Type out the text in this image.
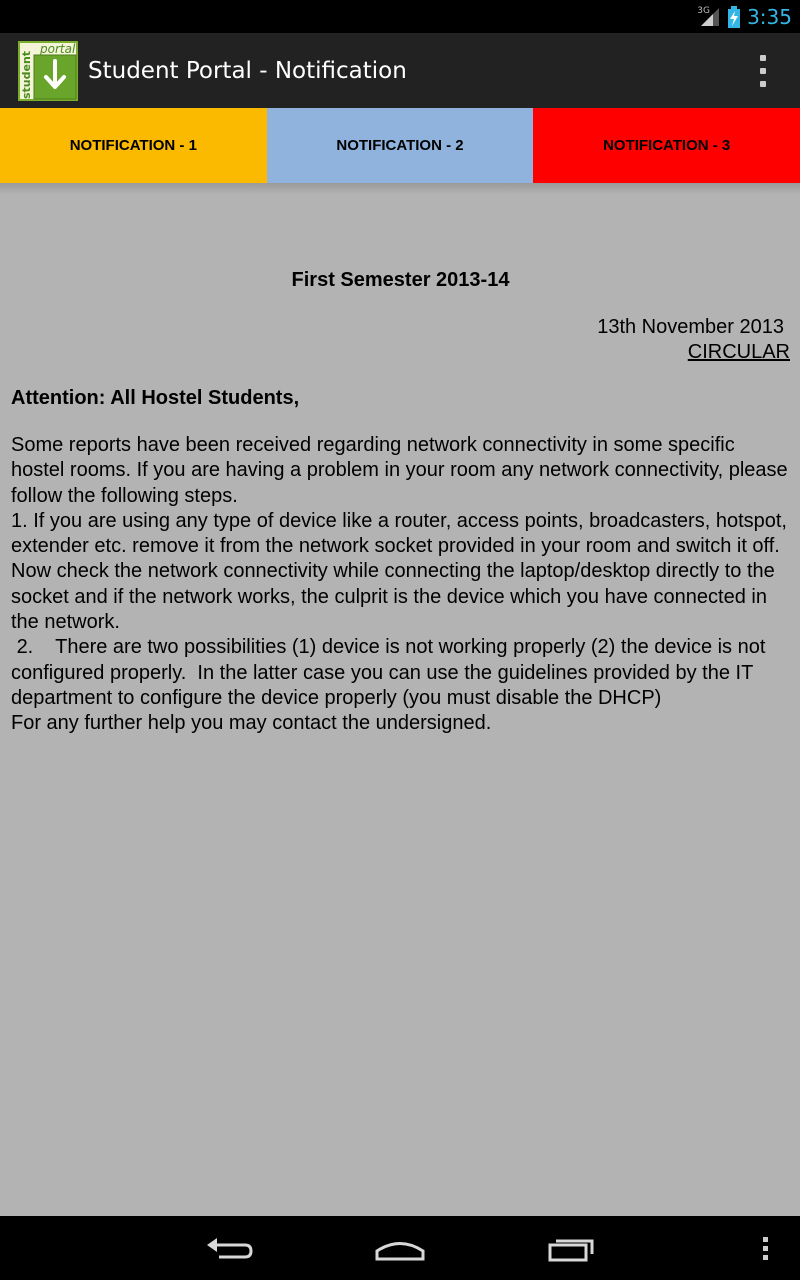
3G 3:35
portal
student Student Portal - Notification
NOTIFICATION - 1	NOTIFICATION - 2	NOTIFICATION - 3
First Semester 2013-14
13th November 2013
CIRCULAR
Attention: All Hostel Students,

Some reports have been received regarding network connectivity in some specific hostel rooms. If you are having a problem in your room any network connectivity, please follow the following steps.

1. If you are using any type of device like a router, access points, broadcasters, hotspot, extender etc. remove it from the network socket provided in your room and switch it off. Now check the network connectivity while connecting the laptop/desktop directly to the socket and if the network works, the culprit is the device which you have connected in the network.

2.    There are two possibilities (1) device is not working properly (2) the device is not configured properly.  In the latter case you can use the guidelines provided by the IT department to configure the device properly (you must disable the DHCP)

For any further help you may contact the undersigned.
